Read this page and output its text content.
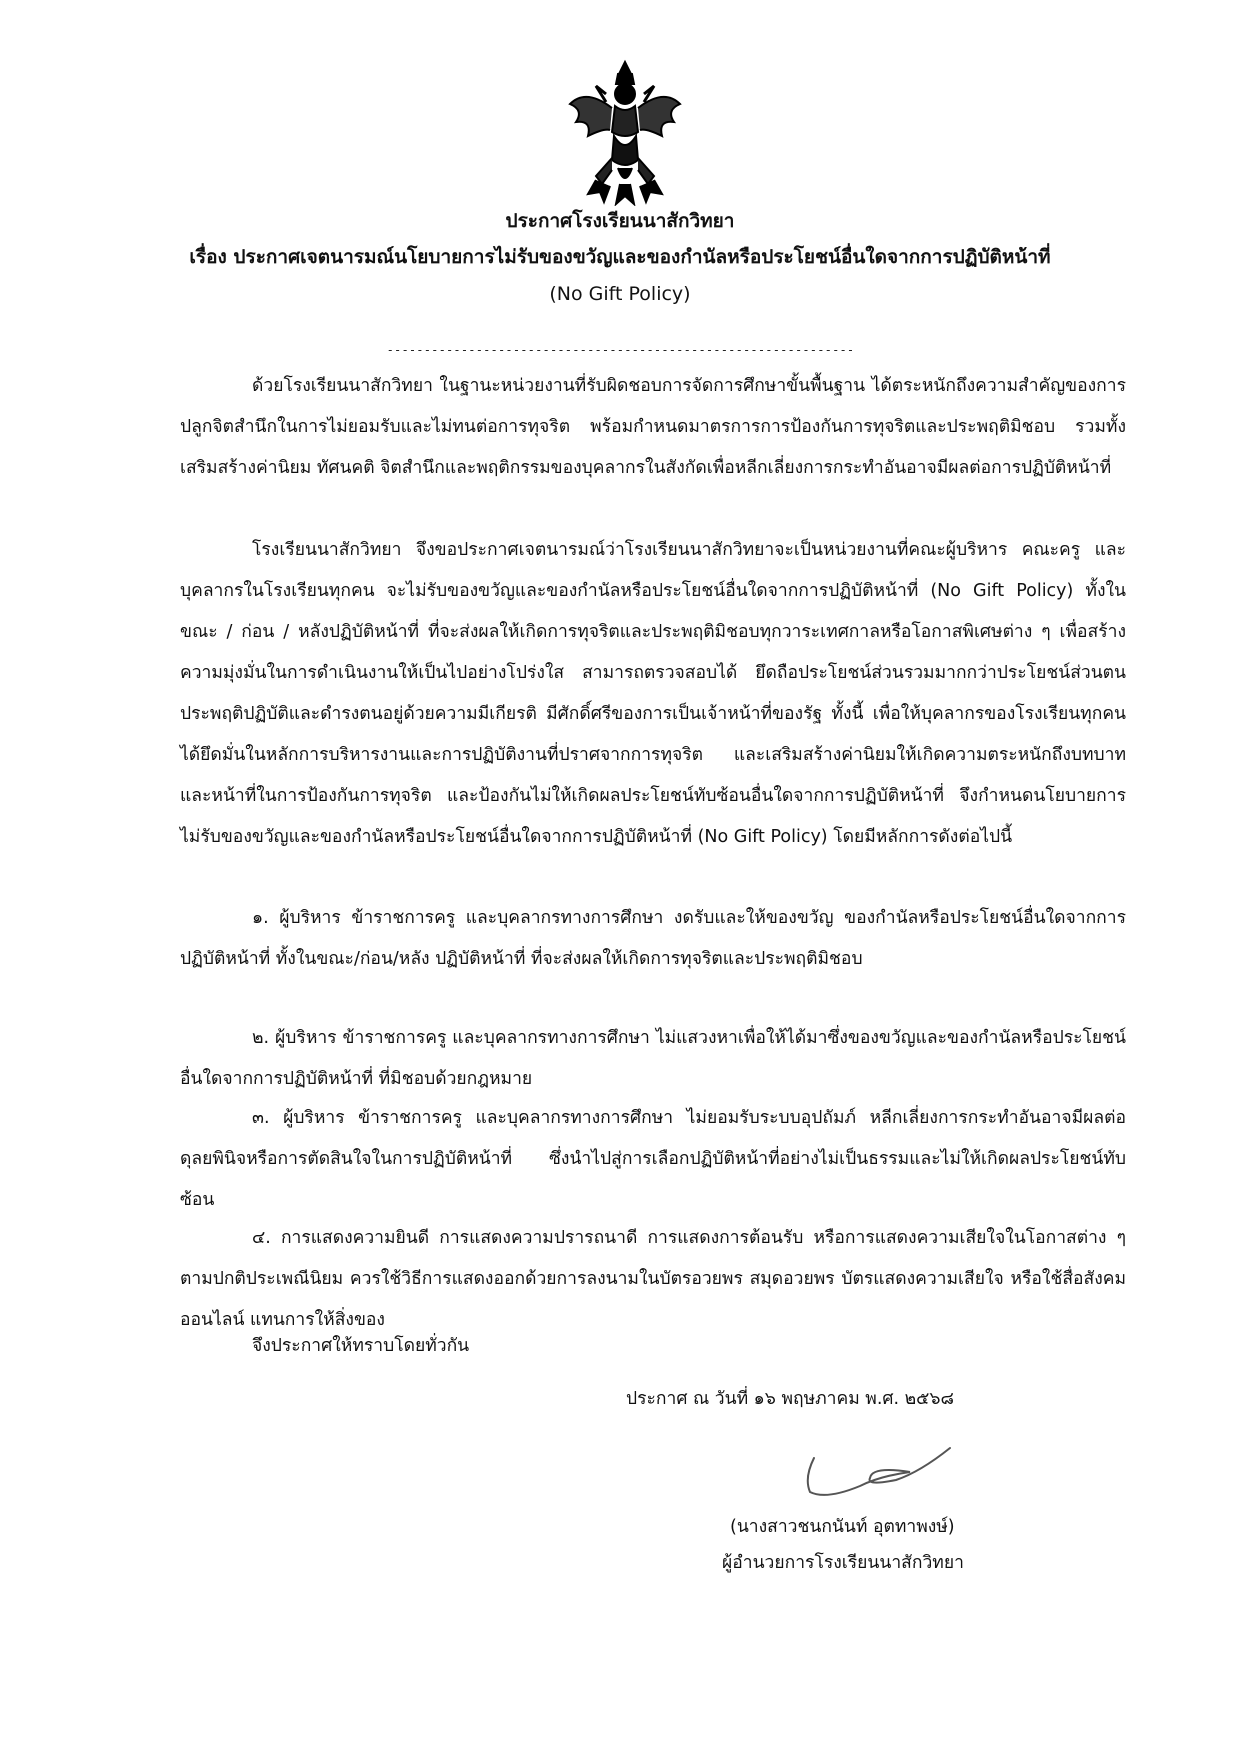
ประกาศโรงเรียนนาสักวิทยา
เรื่อง ประกาศเจตนารมณ์นโยบายการไม่รับของขวัญและของกำนัลหรือประโยชน์อื่นใดจากการปฏิบัติหน้าที่
(No Gift Policy)
---------------------------------------------------------------

ด้วยโรงเรียนนาสักวิทยา ในฐานะหน่วยงานที่รับผิดชอบการจัดการศึกษาขั้นพื้นฐาน ได้ตระหนักถึงความสำคัญของการปลูกจิตสำนึกในการไม่ยอมรับและไม่ทนต่อการทุจริต พร้อมกำหนดมาตรการการป้องกันการทุจริตและประพฤติมิชอบ รวมทั้งเสริมสร้างค่านิยม ทัศนคติ จิตสำนึกและพฤติกรรมของบุคลากรในสังกัดเพื่อหลีกเลี่ยงการกระทำอันอาจมีผลต่อการปฏิบัติหน้าที่

โรงเรียนนาสักวิทยา จึงขอประกาศเจตนารมณ์ว่าโรงเรียนนาสักวิทยาจะเป็นหน่วยงานที่คณะผู้บริหาร คณะครู และบุคลากรในโรงเรียนทุกคน จะไม่รับของขวัญและของกำนัลหรือประโยชน์อื่นใดจากการปฏิบัติหน้าที่ (No Gift Policy) ทั้งในขณะ / ก่อน / หลังปฏิบัติหน้าที่ ที่จะส่งผลให้เกิดการทุจริตและประพฤติมิชอบทุกวาระเทศกาลหรือโอกาสพิเศษต่าง ๆ เพื่อสร้างความมุ่งมั่นในการดำเนินงานให้เป็นไปอย่างโปร่งใส สามารถตรวจสอบได้ ยึดถือประโยชน์ส่วนรวมมากกว่าประโยชน์ส่วนตน ประพฤติปฏิบัติและดำรงตนอยู่ด้วยความมีเกียรติ มีศักดิ์ศรีของการเป็นเจ้าหน้าที่ของรัฐ ทั้งนี้ เพื่อให้บุคลากรของโรงเรียนทุกคน ได้ยึดมั่นในหลักการบริหารงานและการปฏิบัติงานที่ปราศจากการทุจริต และเสริมสร้างค่านิยมให้เกิดความตระหนักถึงบทบาทและหน้าที่ในการป้องกันการทุจริต และป้องกันไม่ให้เกิดผลประโยชน์ทับซ้อนอื่นใดจากการปฏิบัติหน้าที่ จึงกำหนดนโยบายการไม่รับของขวัญและของกำนัลหรือประโยชน์อื่นใดจากการปฏิบัติหน้าที่ (No Gift Policy) โดยมีหลักการดังต่อไปนี้

๑. ผู้บริหาร ข้าราชการครู และบุคลากรทางการศึกษา งดรับและให้ของขวัญ ของกำนัลหรือประโยชน์อื่นใดจากการปฏิบัติหน้าที่ ทั้งในขณะ/ก่อน/หลัง ปฏิบัติหน้าที่ ที่จะส่งผลให้เกิดการทุจริตและประพฤติมิชอบ

๒. ผู้บริหาร ข้าราชการครู และบุคลากรทางการศึกษา ไม่แสวงหาเพื่อให้ได้มาซึ่งของขวัญและของกำนัลหรือประโยชน์อื่นใดจากการปฏิบัติหน้าที่ ที่มิชอบด้วยกฎหมาย

๓. ผู้บริหาร ข้าราชการครู และบุคลากรทางการศึกษา ไม่ยอมรับระบบอุปถัมภ์ หลีกเลี่ยงการกระทำอันอาจมีผลต่อดุลยพินิจหรือการตัดสินใจในการปฏิบัติหน้าที่ ซึ่งนำไปสู่การเลือกปฏิบัติหน้าที่อย่างไม่เป็นธรรมและไม่ให้เกิดผลประโยชน์ทับซ้อน

๔. การแสดงความยินดี การแสดงความปรารถนาดี การแสดงการต้อนรับ หรือการแสดงความเสียใจในโอกาสต่าง ๆ ตามปกติประเพณีนิยม ควรใช้วิธีการแสดงออกด้วยการลงนามในบัตรอวยพร สมุดอวยพร บัตรแสดงความเสียใจ หรือใช้สื่อสังคมออนไลน์ แทนการให้สิ่งของ

จึงประกาศให้ทราบโดยทั่วกัน

ประกาศ ณ วันที่ ๑๖ พฤษภาคม พ.ศ. ๒๕๖๘
(นางสาวชนกนันท์ อุตทาพงษ์)
ผู้อำนวยการโรงเรียนนาสักวิทยา
